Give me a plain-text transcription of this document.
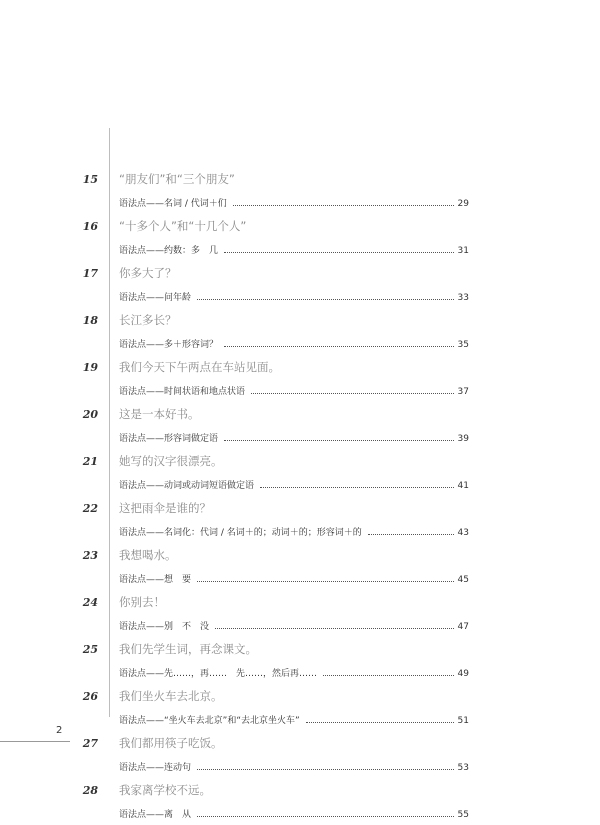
15 “朋友们”和“三个朋友”
语法点——名词 / 代词＋们	29
16 “十多个人”和“十几个人”
语法点——约数：多　几	31
17 你多大了？
语法点——问年龄	33
18 长江多长？
语法点——多＋形容词？	35
19 我们今天下午两点在车站见面。
语法点——时间状语和地点状语	37
20 这是一本好书。
语法点——形容词做定语	39
21 她写的汉字很漂亮。
语法点——动词或动词短语做定语	41
22 这把雨伞是谁的？
语法点——名词化：代词 / 名词＋的；动词＋的；形容词＋的	43
23 我想喝水。
语法点——想　要	45
24 你别去！
语法点——别　不　没	47
25 我们先学生词，再念课文。
语法点——先……，再……　先……，然后再……	49
26 我们坐火车去北京。
语法点——“坐火车去北京”和“去北京坐火车”	51
27 我们都用筷子吃饭。
语法点——连动句	53
28 我家离学校不远。
语法点——离　从	55
2
